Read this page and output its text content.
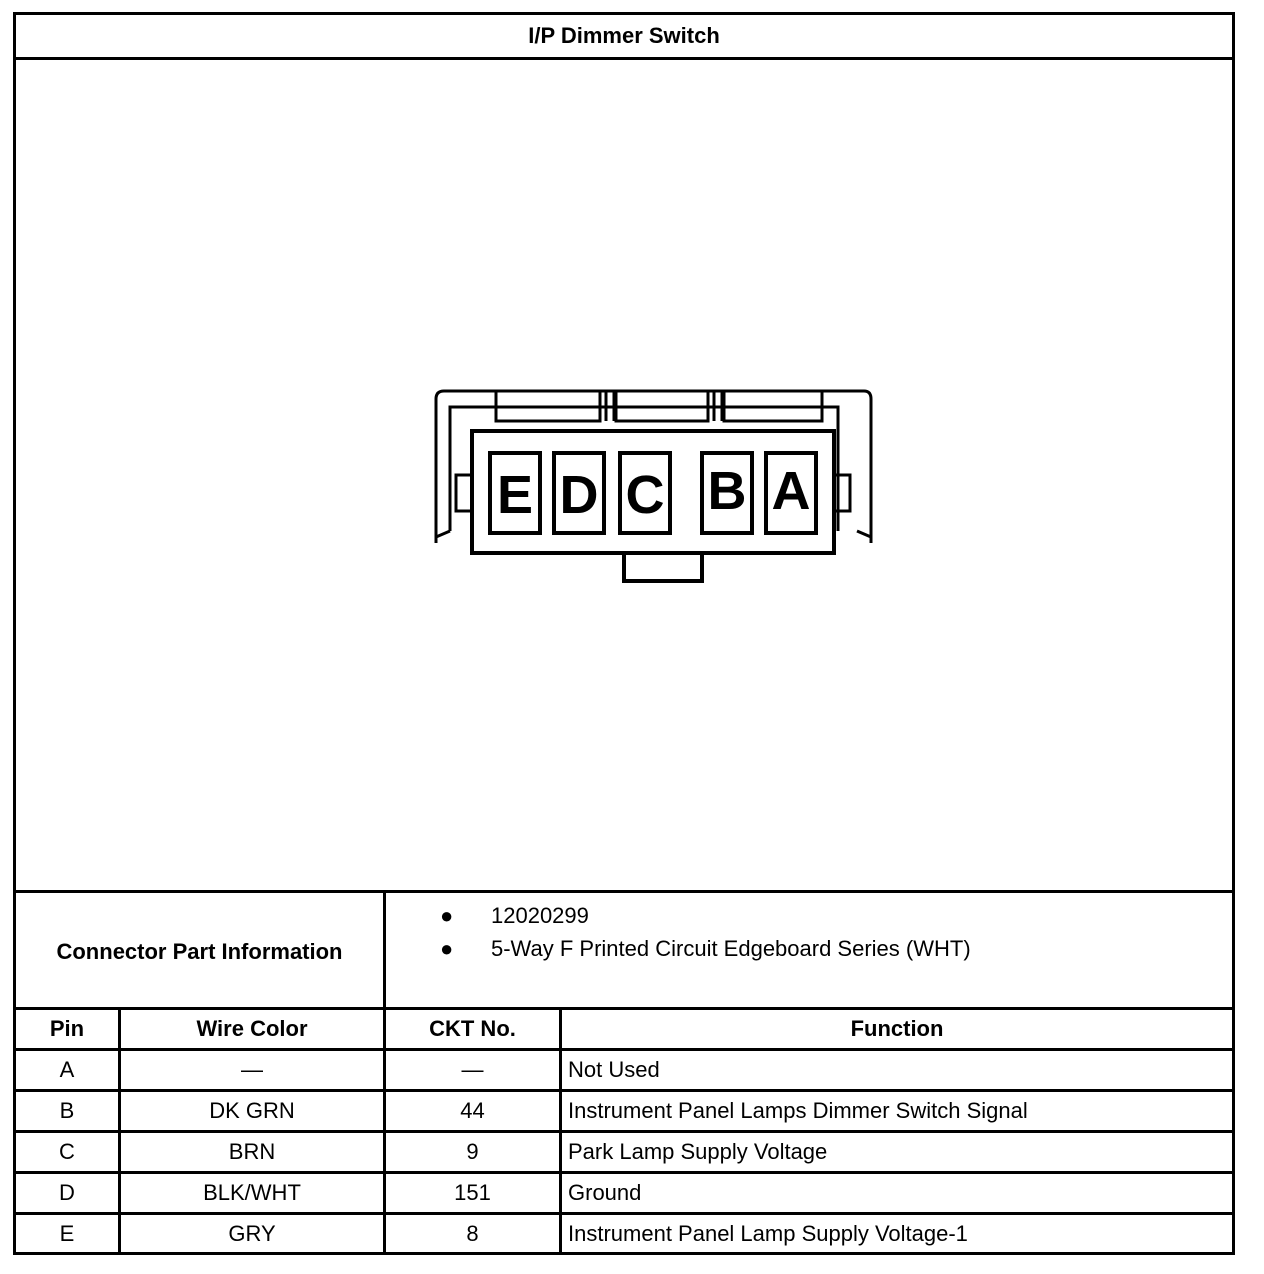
I/P Dimmer Switch
E D C B A
Connector Part Information
● 12020299
● 5-Way F Printed Circuit Edgeboard Series (WHT)
Pin	Wire Color	CKT No.	Function
A	—	—	Not Used
B	DK GRN	44	Instrument Panel Lamps Dimmer Switch Signal
C	BRN	9	Park Lamp Supply Voltage
D	BLK/WHT	151	Ground
E	GRY	8	Instrument Panel Lamp Supply Voltage-1
